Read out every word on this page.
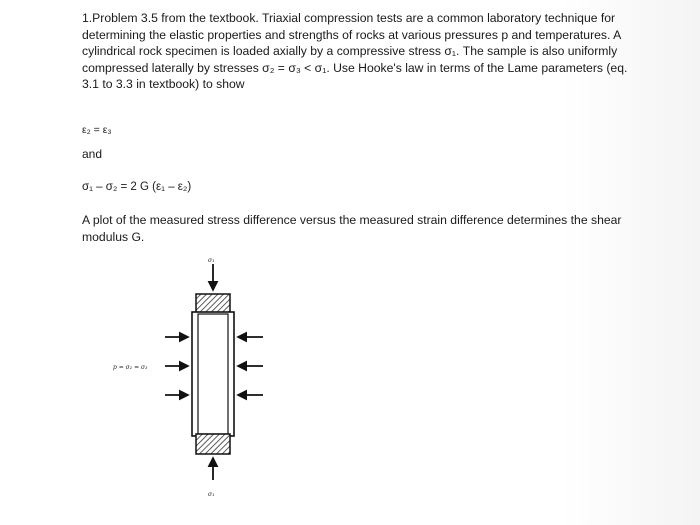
1.Problem 3.5 from the textbook. Triaxial compression tests are a common laboratory technique for determining the elastic properties and strengths of rocks at various pressures p and temperatures. A cylindrical rock specimen is loaded axially by a compressive stress σ₁. The sample is also uniformly compressed laterally by stresses σ₂ = σ₃ < σ₁. Use Hooke's law in terms of the Lame parameters (eq. 3.1 to 3.3 in textbook) to show
ε₂ = ε₃
and
σ₁ – σ₂ = 2 G (ε₁ – ε₂)
A plot of the measured stress difference versus the measured strain difference determines the shear modulus G.
σ₁
σ₁
p = σ₂ = σ₃
